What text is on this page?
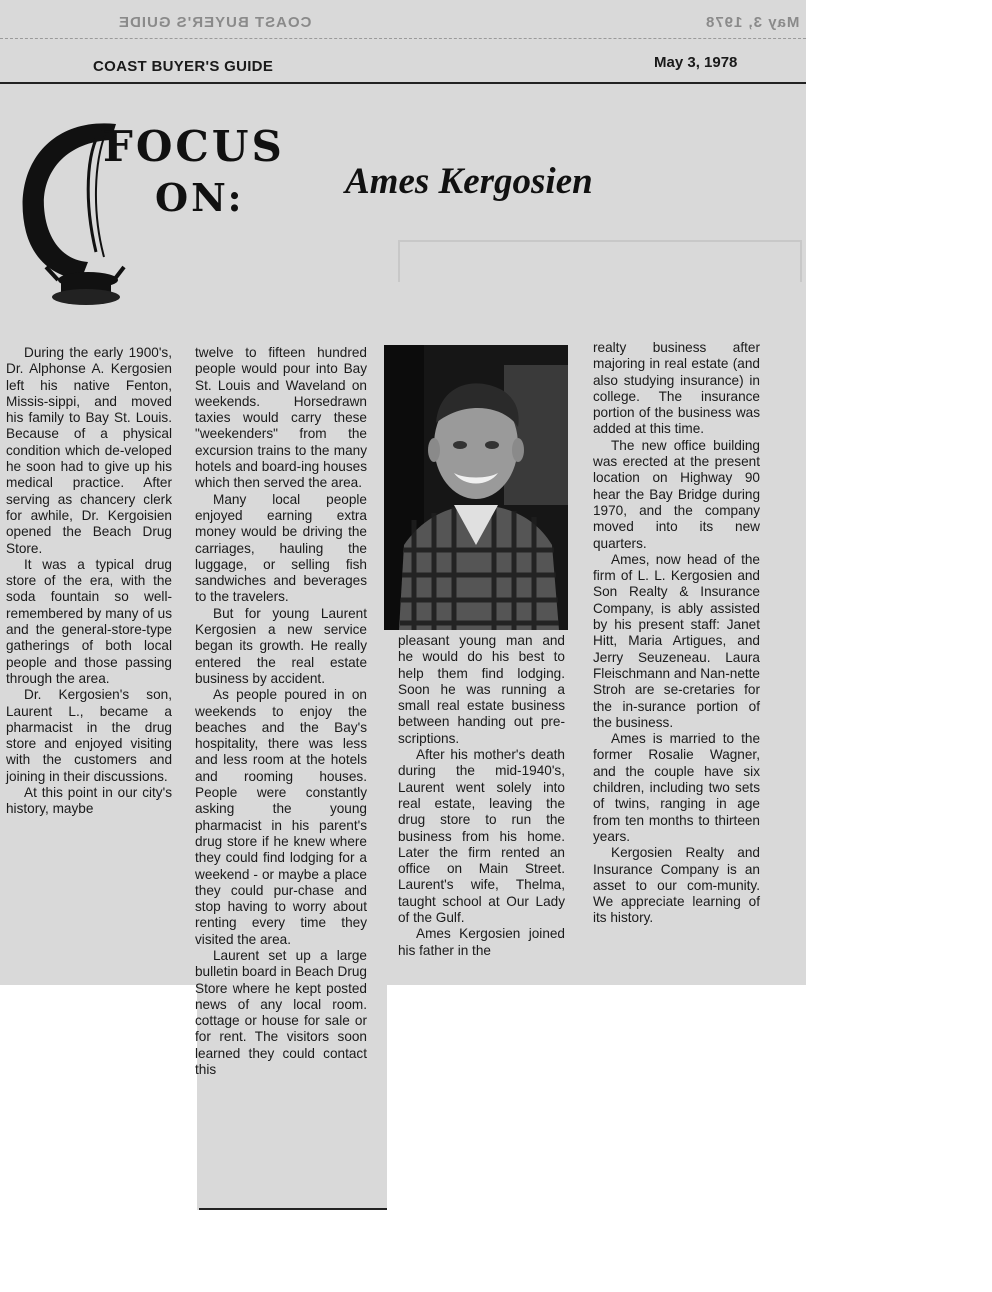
COAST BUYER'S GUIDE	May 3, 1978
COAST BUYER'S GUIDE	May 3, 1978
FOCUS
ON:	Ames Kergosien

During the early 1900's, Dr. Alphonse A. Kergosien left his native Fenton, Missis-sippi, and moved his family to Bay St. Louis. Because of a physical condition which de-veloped he soon had to give up his medical practice. After serving as chancery clerk for awhile, Dr. Kergoisien opened the Beach Drug Store.

It was a typical drug store of the era, with the soda fountain so well-remembered by many of us and the general-store-type gatherings of both local people and those passing through the area.

Dr. Kergosien's son, Laurent L., became a pharmacist in the drug store and enjoyed visiting with the customers and joining in their discussions.

At this point in our city's history, maybe

twelve to fifteen hundred people would pour into Bay St. Louis and Waveland on weekends. Horsedrawn taxies would carry these "weekenders" from the excursion trains to the many hotels and board-ing houses which then served the area.

Many local people enjoyed earning extra money would be driving the carriages, hauling the luggage, or selling fish sandwiches and beverages to the travelers.

But for young Laurent Kergosien a new service began its growth. He really entered the real estate business by accident.

As people poured in on weekends to enjoy the beaches and the Bay's hospitality, there was less and less room at the hotels and rooming houses. People were constantly asking the young pharmacist in his parent's drug store if he knew where they could find lodging for a weekend - or maybe a place they could pur-chase and stop having to worry about renting every time they visited the area.

Laurent set up a large bulletin board in Beach Drug Store where he kept posted news of any local room. cottage or house for sale or for rent. The visitors soon learned they could contact this

pleasant young man and he would do his best to help them find lodging. Soon he was running a small real estate business between handing out pre-scriptions.

After his mother's death during the mid-1940's, Laurent went solely into real estate, leaving the drug store to run the business from his home. Later the firm rented an office on Main Street. Laurent's wife, Thelma, taught school at Our Lady of the Gulf.

Ames Kergosien joined his father in the

realty business after majoring in real estate (and also studying insurance) in college. The insurance portion of the business was added at this time.

The new office building was erected at the present location on Highway 90 hear the Bay Bridge during 1970, and the company moved into its new quarters.

Ames, now head of the firm of L. L. Kergosien and Son Realty & Insurance Company, is ably assisted by his present staff: Janet Hitt, Maria Artigues, and Jerry Seuzeneau. Laura Fleischmann and Nan-nette Stroh are se-cretaries for the in-surance portion of the business.

Ames is married to the former Rosalie Wagner, and the couple have six children, including two sets of twins, ranging in age from ten months to thirteen years.

Kergosien Realty and Insurance Company is an asset to our com-munity. We appreciate learning of its history.
